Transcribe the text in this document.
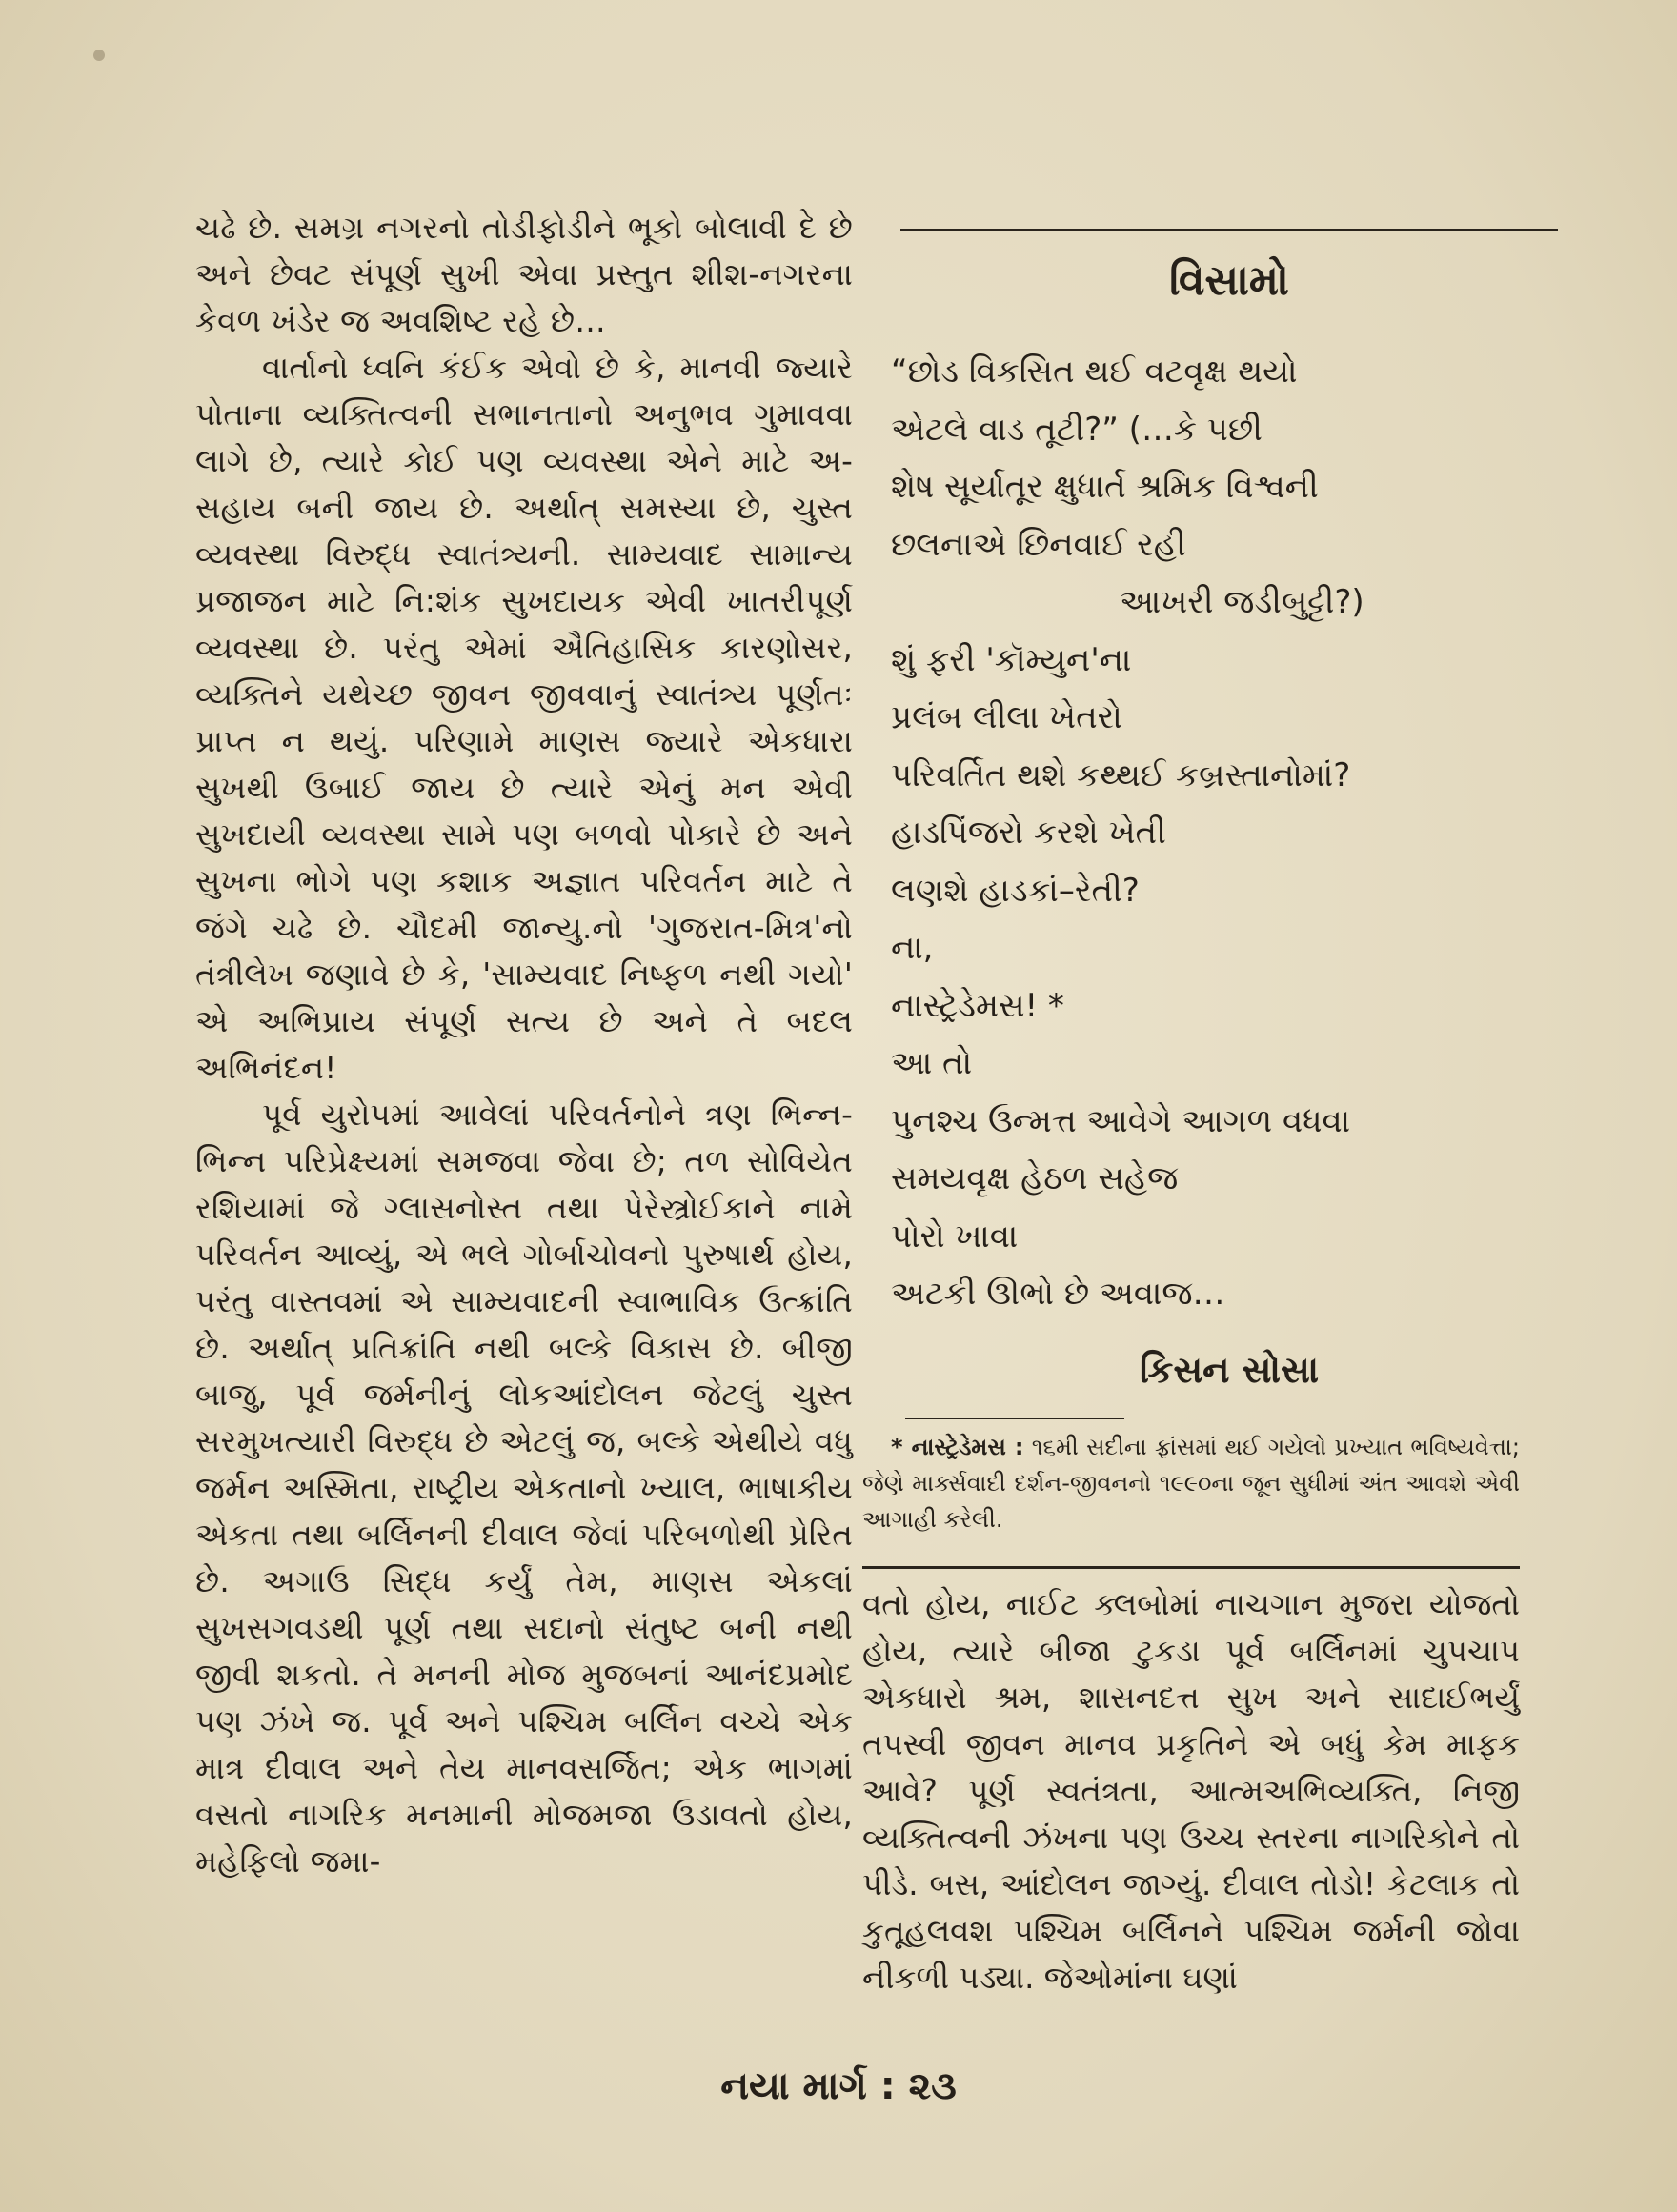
ચઢે છે. સમગ્ર નગરનો તોડીફોડીને ભૂકો બોલાવી દે છે અને છેવટ સંપૂર્ણ સુખી એવા પ્રસ્તુત શીશ-નગરના કેવળ ખંડેર જ અવશિષ્ટ રહે છે…

વાર્તાનો ધ્વનિ કંઈક એવો છે કે, માનવી જ્યારે પોતાના વ્યક્તિત્વની સભાનતાનો અનુભવ ગુમાવવા લાગે છે, ત્યારે કોઈ પણ વ્યવસ્થા એને માટે અ-સહાય બની જાય છે. અર્થાત્ સમસ્યા છે, ચુસ્ત વ્યવસ્થા વિરુદ્ધ સ્વાતંત્ર્યની. સામ્યવાદ સામાન્ય પ્રજાજન માટે નિ:શંક સુખદાયક એવી ખાતરીપૂર્ણ વ્યવસ્થા છે. પરંતુ એમાં ઐતિહાસિક કારણોસર, વ્યક્તિને યથેચ્છ જીવન જીવવાનું સ્વાતંત્ર્ય પૂર્ણતઃ પ્રાપ્ત ન થયું. પરિણામે માણસ જ્યારે એકધારા સુખથી ઉબાઈ જાય છે ત્યારે એનું મન એવી સુખદાયી વ્યવસ્થા સામે પણ બળવો પોકારે છે અને સુખના ભોગે પણ કશાક અજ્ઞાત પરિવર્તન માટે તે જંગે ચઢે છે. ચૌદમી જાન્યુ.નો 'ગુજરાત-મિત્ર'નો તંત્રીલેખ જણાવે છે કે, 'સામ્યવાદ નિષ્ફળ નથી ગયો' એ અભિપ્રાય સંપૂર્ણ સત્ય છે અને તે બદલ અભિનંદન!

પૂર્વ યુરોપમાં આવેલાં પરિવર્તનોને ત્રણ ભિન્ન-ભિન્ન પરિપ્રેક્ષ્યમાં સમજવા જેવા છે; તળ સોવિયેત રશિયામાં જે ગ્લાસનોસ્ત તથા પેરેસ્ત્રોઈકાને નામે પરિવર્તન આવ્યું, એ ભલે ગોર્બાચોવનો પુરુષાર્થ હોય, પરંતુ વાસ્તવમાં એ સામ્યવાદની સ્વાભાવિક ઉત્ક્રાંતિ છે. અર્થાત્ પ્રતિક્રાંતિ નથી બલ્કે વિકાસ છે. બીજી બાજુ, પૂર્વ જર્મનીનું લોકઆંદોલન જેટલું ચુસ્ત સરમુખત્યારી વિરુદ્ધ છે એટલું જ, બલ્કે એથીયે વધુ જર્મન અસ્મિતા, રાષ્ટ્રીય એકતાનો ખ્યાલ, ભાષાકીય એકતા તથા બર્લિનની દીવાલ જેવાં પરિબળોથી પ્રેરિત છે. અગાઉ સિદ્ધ કર્યું તેમ, માણસ એકલાં સુખસગવડથી પૂર્ણ તથા સદાનો સંતુષ્ટ બની નથી જીવી શકતો. તે મનની મોજ મુજબનાં આનંદપ્રમોદ પણ ઝંખે જ. પૂર્વ અને પશ્ચિમ બર્લિન વચ્ચે એક માત્ર દીવાલ અને તેય માનવસર્જિત; એક ભાગમાં વસતો નાગરિક મનમાની મોજમજા ઉડાવતો હોય, મહેફિલો જમા-

વિસામો
“છોડ વિકસિત થઈ વટવૃક્ષ થયો
એટલે વાડ તૂટી?” (…કે પછી
શેષ સૂર્યાતૂર ક્ષુધાર્ત શ્રમિક વિશ્વની
છલનાએ છિનવાઈ રહી
આખરી જડીબુટ્ટી?)
શું ફરી 'કૉમ્યુન'ના
પ્રલંબ લીલા ખેતરો
પરિવર્તિત થશે કથ્થઈ કબ્રસ્તાનોમાં?
હાડપિંજરો કરશે ખેતી
લણશે હાડકાં–રેતી?
ના,
નાસ્ટ્રેડેમસ! *
આ તો
પુનશ્ચ ઉન્મત્ત આવેગે આગળ વધવા
સમયવૃક્ષ હેઠળ સહેજ
પોરો ખાવા
અટકી ઊભો છે અવાજ…
કિસન સોસા
* નાસ્ટ્રેડેમસ : ૧૬મી સદીના ફ્રાંસમાં થઈ ગયેલો પ્રખ્યાત ભવિષ્યવેત્તા; જેણે માર્ક્સવાદી દર્શન-જીવનનો ૧૯૯૦ના જૂન સુધીમાં અંત આવશે એવી આગાહી કરેલી.

વતો હોય, નાઈટ ક્લબોમાં નાચગાન મુજરા યોજતો હોય, ત્યારે બીજા ટુકડા પૂર્વ બર્લિનમાં ચુપચાપ એકધારો શ્રમ, શાસનદત્ત સુખ અને સાદાઈભર્યું તપસ્વી જીવન માનવ પ્રકૃતિને એ બધું કેમ માફક આવે? પૂર્ણ સ્વતંત્રતા, આત્મઅભિવ્યક્તિ, નિજી વ્યક્તિત્વની ઝંખના પણ ઉચ્ચ સ્તરના નાગરિકોને તો પીડે. બસ, આંદોલન જાગ્યું. દીવાલ તોડો! કેટલાક તો કુતૂહલવશ પશ્ચિમ બર્લિનને પશ્ચિમ જર્મની જોવા નીકળી પડ્યા. જેઓમાંના ઘણાં

નયા માર્ગ : ૨૩
